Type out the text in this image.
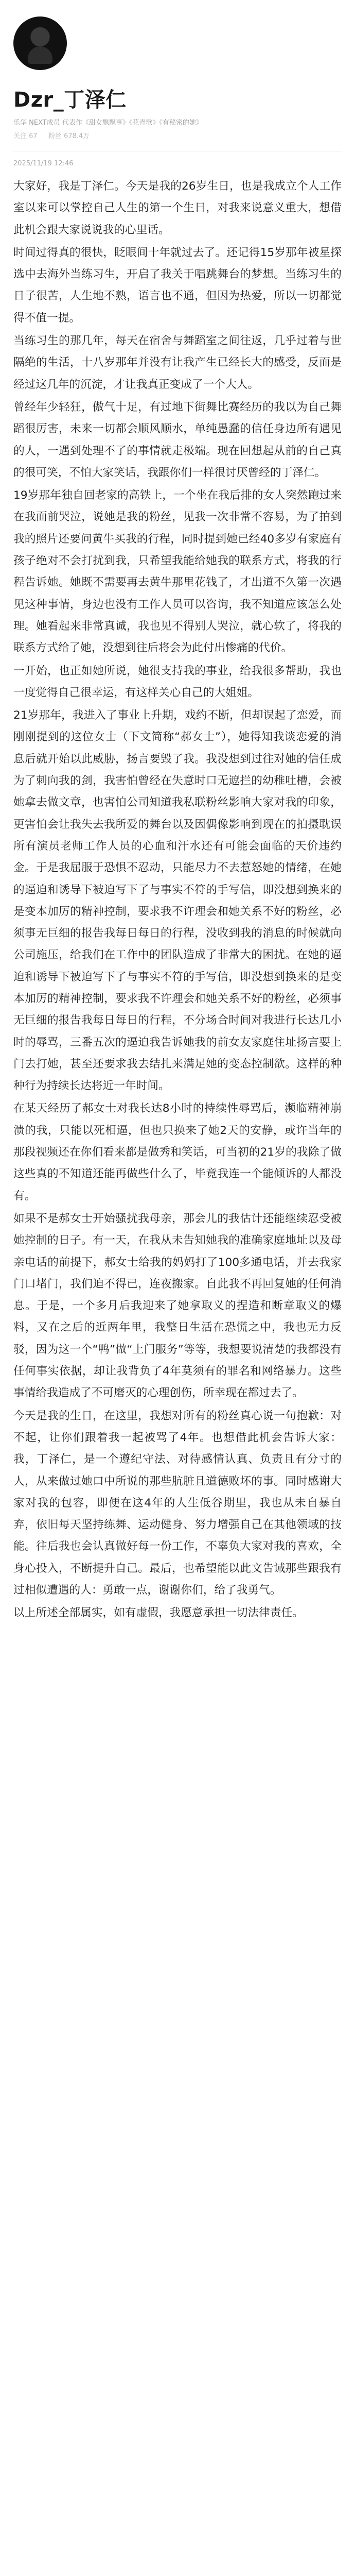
Dzr_丁泽仁
乐华 NEXT成员 代表作《甜女飘飘事》《花青歌》《有秘密的她》
关注 67 ｜ 粉丝 678.4万
2025/11/19 12:46

大家好，我是丁泽仁。今天是我的26岁生日，也是我成立个人工作室以来可以掌控自己人生的第一个生日，对我来说意义重大，想借此机会跟大家说说我的心里话。

时间过得真的很快，眨眼间十年就过去了。还记得15岁那年被星探选中去海外当练习生，开启了我关于唱跳舞台的梦想。当练习生的日子很苦，人生地不熟，语言也不通，但因为热爱，所以一切都觉得不值一提。

当练习生的那几年，每天在宿舍与舞蹈室之间往返，几乎过着与世隔绝的生活，十八岁那年并没有让我产生已经长大的感受，反而是经过这几年的沉淀，才让我真正变成了一个大人。

曾经年少轻狂，傲气十足，有过地下街舞比赛经历的我以为自己舞蹈很厉害，未来一切都会顺风顺水，单纯愚蠢的信任身边所有遇见的人，一遇到处理不了的事情就走极端。现在回想起从前的自己真的很可笑，不怕大家笑话，我跟你们一样很讨厌曾经的丁泽仁。

19岁那年独自回老家的高铁上，一个坐在我后排的女人突然跑过来在我面前哭泣，说她是我的粉丝，见我一次非常不容易，为了拍到我的照片还要问黄牛买我的行程，同时提到她已经40多岁有家庭有孩子绝对不会打扰到我，只希望我能给她我的联系方式，将我的行程告诉她。她既不需要再去黄牛那里花钱了，才出道不久第一次遇见这种事情，身边也没有工作人员可以咨询，我不知道应该怎么处理。她看起来非常真诚，我也见不得别人哭泣，就心软了，将我的联系方式给了她，没想到往后将会为此付出惨痛的代价。

一开始，也正如她所说，她很支持我的事业，给我很多帮助，我也一度觉得自己很幸运，有这样关心自己的大姐姐。

21岁那年，我进入了事业上升期，戏约不断，但却误起了恋爱，而刚刚提到的这位女士（下文简称“郝女士”），她得知我谈恋爱的消息后就开始以此威胁，扬言要毁了我。我没想到过往对她的信任成为了刺向我的剑，我害怕曾经在失意时口无遮拦的幼稚吐槽，会被她拿去做文章，也害怕公司知道我私联粉丝影响大家对我的印象，更害怕会让我失去我所爱的舞台以及因偶像影响到现在的拍摄耽误所有演员老师工作人员的心血和汗水还有可能会面临的天价违约金。于是我屈服于恐惧不忍动，只能尽力不去惹怒她的情绪，在她的逼迫和诱导下被迫写下了与事实不符的手写信，即没想到换来的是变本加厉的精神控制，要求我不许理会和她关系不好的粉丝，必须事无巨细的报告我每日每日的行程，没收到我的消息的时候就向公司施压，给我们在工作中的团队造成了非常大的困扰。在她的逼迫和诱导下被迫写下了与事实不符的手写信，即没想到换来的是变本加厉的精神控制，要求我不许理会和她关系不好的粉丝，必须事无巨细的报告我每日每日的行程，不分场合时间对我进行长达几小时的辱骂，三番五次的逼迫我告诉她我的前女友家庭住址扬言要上门去打她，甚至还要求我去结扎来满足她的变态控制欲。这样的种种行为持续长达将近一年时间。

在某天经历了郝女士对我长达8小时的持续性辱骂后，濒临精神崩溃的我，只能以死相逼，但也只换来了她2天的安静，或许当年的那段视频还在你们看来都是做秀和笑话，可当初的21岁的我除了做这些真的不知道还能再做些什么了，毕竟我连一个能倾诉的人都没有。

如果不是郝女士开始骚扰我母亲，那会儿的我估计还能继续忍受被她控制的日子。有一天，在我从未告知她我的准确家庭地址以及母亲电话的前提下，郝女士给我的妈妈打了100多通电话，并去我家门口堵门，我们迫不得已，连夜搬家。自此我不再回复她的任何消息。于是，一个多月后我迎来了她拿取义的捏造和断章取义的爆料，又在之后的近两年里，我整日生活在恐慌之中，我也无力反驳，因为这一个“鸭”做“上门服务”等等，我想要说清楚的我都没有任何事实依据，却让我背负了4年莫须有的罪名和网络暴力。这些事情给我造成了不可磨灭的心理创伤，所幸现在都过去了。

今天是我的生日，在这里，我想对所有的粉丝真心说一句抱歉：对不起，让你们跟着我一起被骂了4年。也想借此机会告诉大家：我，丁泽仁，是一个遵纪守法、对待感情认真、负责且有分寸的人，从来做过她口中所说的那些肮脏且道德败坏的事。同时感谢大家对我的包容，即便在这4年的人生低谷期里，我也从未自暴自弃，依旧每天坚持练舞、运动健身、努力增强自己在其他领域的技能。往后我也会认真做好每一份工作，不辜负大家对我的喜欢，全身心投入，不断提升自己。最后，也希望能以此文告诫那些跟我有过相似遭遇的人：勇敢一点，谢谢你们，给了我勇气。

以上所述全部属实，如有虚假，我愿意承担一切法律责任。
